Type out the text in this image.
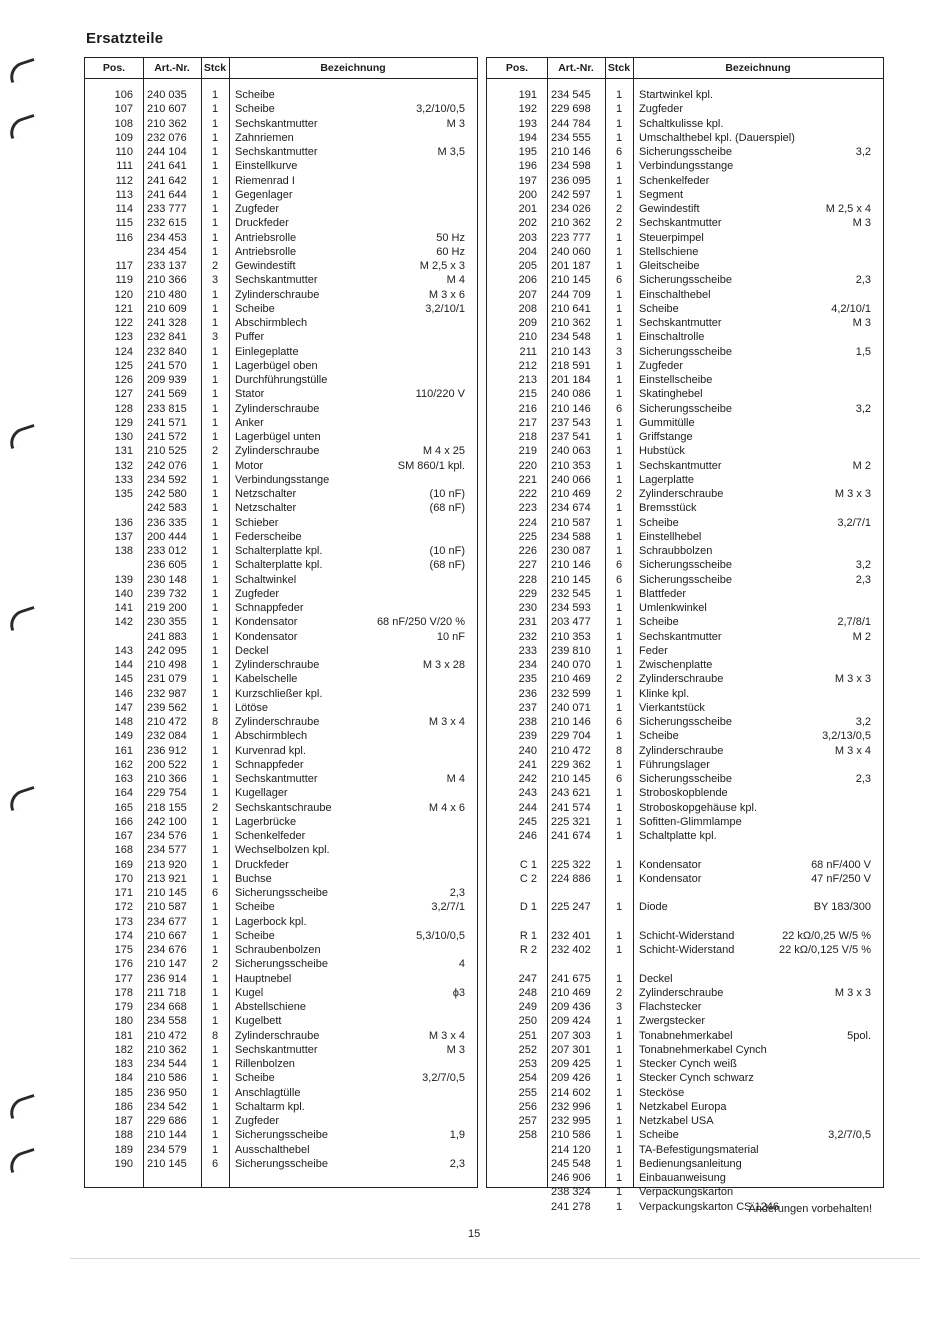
Ersatzteile
Pos.	Art.-Nr.	Stck	Bezeichnung
106 240 035	1	Scheibe
107 210 607	1	Scheibe	3,2/10/0,5
108 210 362	1	Sechskantmutter	M 3
109 232 076	1	Zahnriemen
110 244 104	1	Sechskantmutter	M 3,5
111 241 641	1	Einstellkurve
112 241 642	1	Riemenrad I
113 241 644	1	Gegenlager
114 233 777	1	Zugfeder
115 232 615	1	Druckfeder
116 234 453	1	Antriebsrolle	50 Hz
234 454	1	Antriebsrolle	60 Hz
117 233 137	2	Gewindestift	M 2,5 x 3
119 210 366	3	Sechskantmutter	M 4
120 210 480	1	Zylinderschraube	M 3 x 6
121 210 609	1	Scheibe	3,2/10/1
122 241 328	1	Abschirmblech
123 232 841	3	Puffer
124 232 840	1	Einlegeplatte
125 241 570	1	Lagerbügel oben
126 209 939	1	Durchführungstülle
127 241 569	1	Stator	110/220 V
128 233 815	1	Zylinderschraube
129 241 571	1	Anker
130 241 572	1	Lagerbügel unten
131 210 525	2	Zylinderschraube	M 4 x 25
132 242 076	1	Motor	SM 860/1 kpl.
133 234 592	1	Verbindungsstange
135 242 580	1	Netzschalter	(10 nF)
242 583	1	Netzschalter	(68 nF)
136 236 335	1	Schieber
137 200 444	1	Federscheibe
138 233 012	1	Schalterplatte kpl.	(10 nF)
236 605	1	Schalterplatte kpl.	(68 nF)
139 230 148	1	Schaltwinkel
140 239 732	1	Zugfeder
141 219 200	1	Schnappfeder
142 230 355	1	Kondensator	68 nF/250 V/20 %
241 883	1	Kondensator	10 nF
143 242 095	1	Deckel
144 210 498	1	Zylinderschraube	M 3 x 28
145 231 079	1	Kabelschelle
146 232 987	1	Kurzschließer kpl.
147 239 562	1	Lötöse
148 210 472	8	Zylinderschraube	M 3 x 4
149 232 084	1	Abschirmblech
161 236 912	1	Kurvenrad kpl.
162 200 522	1	Schnappfeder
163 210 366	1	Sechskantmutter	M 4
164 229 754	1	Kugellager
165 218 155	2	Sechskantschraube	M 4 x 6
166 242 100	1	Lagerbrücke
167 234 576	1	Schenkelfeder
168 234 577	1	Wechselbolzen kpl.
169 213 920	1	Druckfeder
170 213 921	1	Buchse
171 210 145	6	Sicherungsscheibe	2,3
172 210 587	1	Scheibe	3,2/7/1
173 234 677	1	Lagerbock kpl.
174 210 667	1	Scheibe	5,3/10/0,5
175 234 676	1	Schraubenbolzen
176 210 147	2	Sicherungsscheibe	4
177 236 914	1	Hauptnebel
178 211 718	1	Kugel	ϕ3
179 234 668	1	Abstellschiene
180 234 558	1	Kugelbett
181 210 472	8	Zylinderschraube	M 3 x 4
182 210 362	1	Sechskantmutter	M 3
183 234 544	1	Rillenbolzen
184 210 586	1	Scheibe	3,2/7/0,5
185 236 950	1	Anschlagtülle
186 234 542	1	Schaltarm kpl.
187 229 686	1	Zugfeder
188 210 144	1	Sicherungsscheibe	1,9
189 234 579	1	Ausschalthebel
190 210 145	6	Sicherungsscheibe	2,3
Pos.	Art.-Nr.	Stck	Bezeichnung
191 234 545	1	Startwinkel kpl.
192 229 698	1	Zugfeder
193 244 784	1	Schaltkulisse kpl.
194 234 555	1	Umschalthebel kpl. (Dauerspiel)
195 210 146	6	Sicherungsscheibe	3,2
196 234 598	1	Verbindungsstange
197 236 095	1	Schenkelfeder
200 242 597	1	Segment
201 234 026	2	Gewindestift	M 2,5 x 4
202 210 362	2	Sechskantmutter	M 3
203 223 777	1	Steuerpimpel
204 240 060	1	Stellschiene
205 201 187	1	Gleitscheibe
206 210 145	6	Sicherungsscheibe	2,3
207 244 709	1	Einschalthebel
208 210 641	1	Scheibe	4,2/10/1
209 210 362	1	Sechskantmutter	M 3
210 234 548	1	Einschaltrolle
211 210 143	3	Sicherungsscheibe	1,5
212 218 591	1	Zugfeder
213 201 184	1	Einstellscheibe
215 240 086	1	Skatinghebel
216 210 146	6	Sicherungsscheibe	3,2
217 237 543	1	Gummitülle
218 237 541	1	Griffstange
219 240 063	1	Hubstück
220 210 353	1	Sechskantmutter	M 2
221 240 066	1	Lagerplatte
222 210 469	2	Zylinderschraube	M 3 x 3
223 234 674	1	Bremsstück
224 210 587	1	Scheibe	3,2/7/1
225 234 588	1	Einstellhebel
226 230 087	1	Schraubbolzen
227 210 146	6	Sicherungsscheibe	3,2
228 210 145	6	Sicherungsscheibe	2,3
229 232 545	1	Blattfeder
230 234 593	1	Umlenkwinkel
231 203 477	1	Scheibe	2,7/8/1
232 210 353	1	Sechskantmutter	M 2
233 239 810	1	Feder
234 240 070	1	Zwischenplatte
235 210 469	2	Zylinderschraube	M 3 x 3
236 232 599	1	Klinke kpl.
237 240 071	1	Vierkantstück
238 210 146	6	Sicherungsscheibe	3,2
239 229 704	1	Scheibe	3,2/13/0,5
240 210 472	8	Zylinderschraube	M 3 x 4
241 229 362	1	Führungslager
242 210 145	6	Sicherungsscheibe	2,3
243 243 621	1	Stroboskopblende
244 241 574	1	Stroboskopgehäuse kpl.
245 225 321	1	Sofitten-Glimmlampe
246 241 674	1	Schaltplatte kpl.
C 1 225 322	1	Kondensator	68 nF/400 V
C 2 224 886	1	Kondensator	47 nF/250 V
D 1 225 247	1	Diode	BY 183/300
R 1 232 401	1	Schicht-Widerstand	22 kΩ/0,25 W/5 %
R 2 232 402	1	Schicht-Widerstand	22 kΩ/0,125 V/5 %
247 241 675	1	Deckel
248 210 469	2	Zylinderschraube	M 3 x 3
249 209 436	3	Flachstecker
250 209 424	1	Zwergstecker
251 207 303	1	Tonabnehmerkabel	5pol.
252 207 301	1	Tonabnehmerkabel Cynch
253 209 425	1	Stecker Cynch weiß
254 209 426	1	Stecker Cynch schwarz
255 214 602	1	Stecköse
256 232 996	1	Netzkabel Europa
257 232 995	1	Netzkabel USA
258 210 586	1	Scheibe	3,2/7/0,5
214 120	1	TA-Befestigungsmaterial
245 548	1	Bedienungsanleitung
246 906	1	Einbauanweisung
238 324	1	Verpackungskarton
241 278	1	Verpackungskarton CS 1246
Änderungen vorbehalten!
15
